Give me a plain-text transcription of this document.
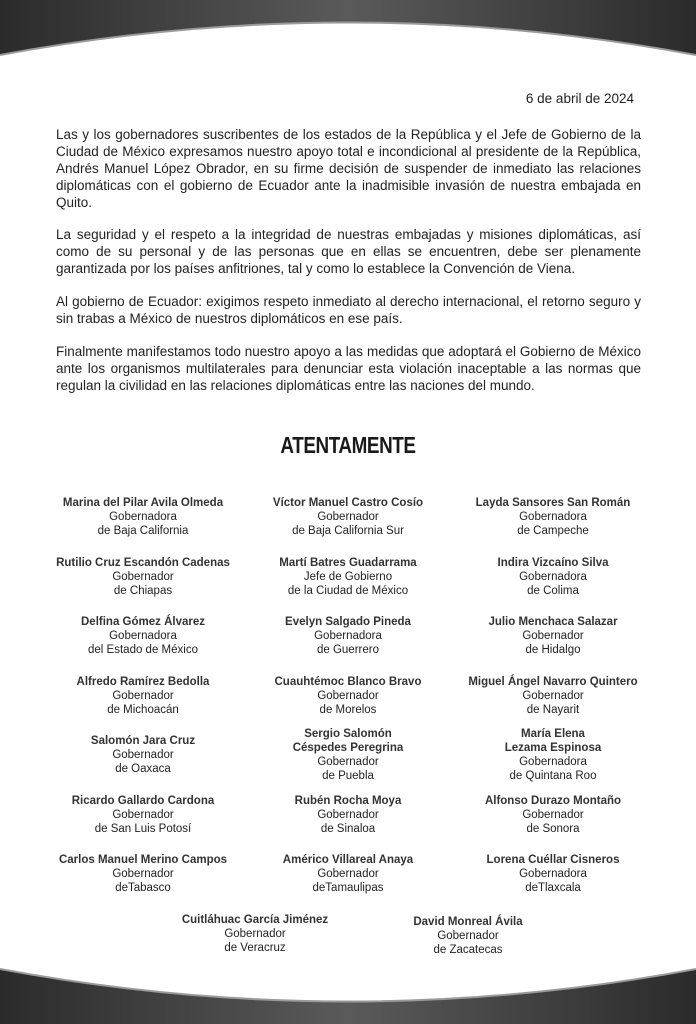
6 de abril de 2024

Las y los gobernadores suscribentes de los estados de la República y el Jefe de Gobierno de la Ciudad de México expresamos nuestro apoyo total e incondicional al presidente de la República, Andrés Manuel López Obrador, en su firme decisión de suspender de inmediato las relaciones diplomáticas con el gobierno de Ecuador ante la inadmisible invasión de nuestra embajada en Quito.

La seguridad y el respeto a la integridad de nuestras embajadas y misiones diplomáticas, así como de su personal y de las personas que en ellas se encuentren, debe ser plenamente garantizada por los países anfitriones, tal y como lo establece la Convención de Viena.

Al gobierno de Ecuador: exigimos respeto inmediato al derecho internacional, el retorno seguro y sin trabas a México de nuestros diplomáticos en ese país.

Finalmente manifestamos todo nuestro apoyo a las medidas que adoptará el Gobierno de México ante los organismos multilaterales para denunciar esta violación inaceptable a las normas que regulan la civilidad en las relaciones diplomáticas entre las naciones del mundo.

ATENTAMENTE
Marina del Pilar Avila Olmeda
Gobernadora
de Baja California
Víctor Manuel Castro Cosío
Gobernador
de Baja California Sur
Layda Sansores San Román
Gobernadora
de Campeche
Rutilio Cruz Escandón Cadenas
Gobernador
de Chiapas
Martí Batres Guadarrama
Jefe de Gobierno
de la Ciudad de México
Indira Vizcaíno Silva
Gobernadora
de Colima
Delfina Gómez Álvarez
Gobernadora
del Estado de México
Evelyn Salgado Pineda
Gobernadora
de Guerrero
Julio Menchaca Salazar
Gobernador
de Hidalgo
Alfredo Ramírez Bedolla
Gobernador
de Michoacán
Cuauhtémoc Blanco Bravo
Gobernador
de Morelos
Miguel Ángel Navarro Quintero
Gobernador
de Nayarit
Salomón Jara Cruz
Gobernador
de Oaxaca
Sergio Salomón
Céspedes Peregrina
Gobernador
de Puebla
María Elena
Lezama Espinosa
Gobernadora
de Quintana Roo
Ricardo Gallardo Cardona
Gobernador
de San Luis Potosí
Rubén Rocha Moya
Gobernador
de Sinaloa
Alfonso Durazo Montaño
Gobernador
de Sonora
Carlos Manuel Merino Campos
Gobernador
deTabasco
Américo Villareal Anaya
Gobernador
deTamaulipas
Lorena Cuéllar Cisneros
Gobernadora
deTlaxcala
Cuitláhuac García Jiménez
Gobernador
de Veracruz
David Monreal Ávila
Gobernador
de Zacatecas
